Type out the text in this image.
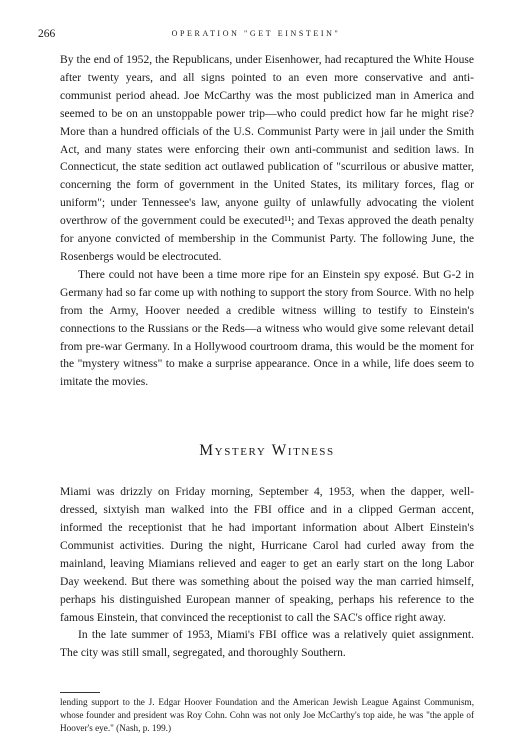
266	OPERATION "GET EINSTEIN"

By the end of 1952, the Republicans, under Eisenhower, had recaptured the White House after twenty years, and all signs pointed to an even more conservative and anti-communist period ahead. Joe McCarthy was the most publicized man in America and seemed to be on an unstoppable power trip—who could predict how far he might rise? More than a hundred officials of the U.S. Communist Party were in jail under the Smith Act, and many states were enforcing their own anti-communist and sedition laws. In Connecticut, the state sedition act outlawed publication of "scurrilous or abusive matter, concerning the form of government in the United States, its military forces, flag or uniform"; under Tennessee's law, anyone guilty of unlawfully advocating the violent overthrow of the government could be executed¹¹; and Texas approved the death penalty for anyone convicted of membership in the Communist Party. The following June, the Rosenbergs would be electrocuted.

There could not have been a time more ripe for an Einstein spy exposé. But G-2 in Germany had so far come up with nothing to support the story from Source. With no help from the Army, Hoover needed a credible witness willing to testify to Einstein's connections to the Russians or the Reds—a witness who would give some relevant detail from pre-war Germany. In a Hollywood courtroom drama, this would be the moment for the "mystery witness" to make a surprise appearance. Once in a while, life does seem to imitate the movies.

Mystery Witness

Miami was drizzly on Friday morning, September 4, 1953, when the dapper, well-dressed, sixtyish man walked into the FBI office and in a clipped German accent, informed the receptionist that he had important information about Albert Einstein's Communist activities. During the night, Hurricane Carol had curled away from the mainland, leaving Miamians relieved and eager to get an early start on the long Labor Day weekend. But there was something about the poised way the man carried himself, perhaps his distinguished European manner of speaking, perhaps his reference to the famous Einstein, that convinced the receptionist to call the SAC's office right away.

In the late summer of 1953, Miami's FBI office was a relatively quiet assignment. The city was still small, segregated, and thoroughly Southern.

lending support to the J. Edgar Hoover Foundation and the American Jewish League Against Communism, whose founder and president was Roy Cohn. Cohn was not only Joe McCarthy's top aide, he was "the apple of Hoover's eye." (Nash, p. 199.)
